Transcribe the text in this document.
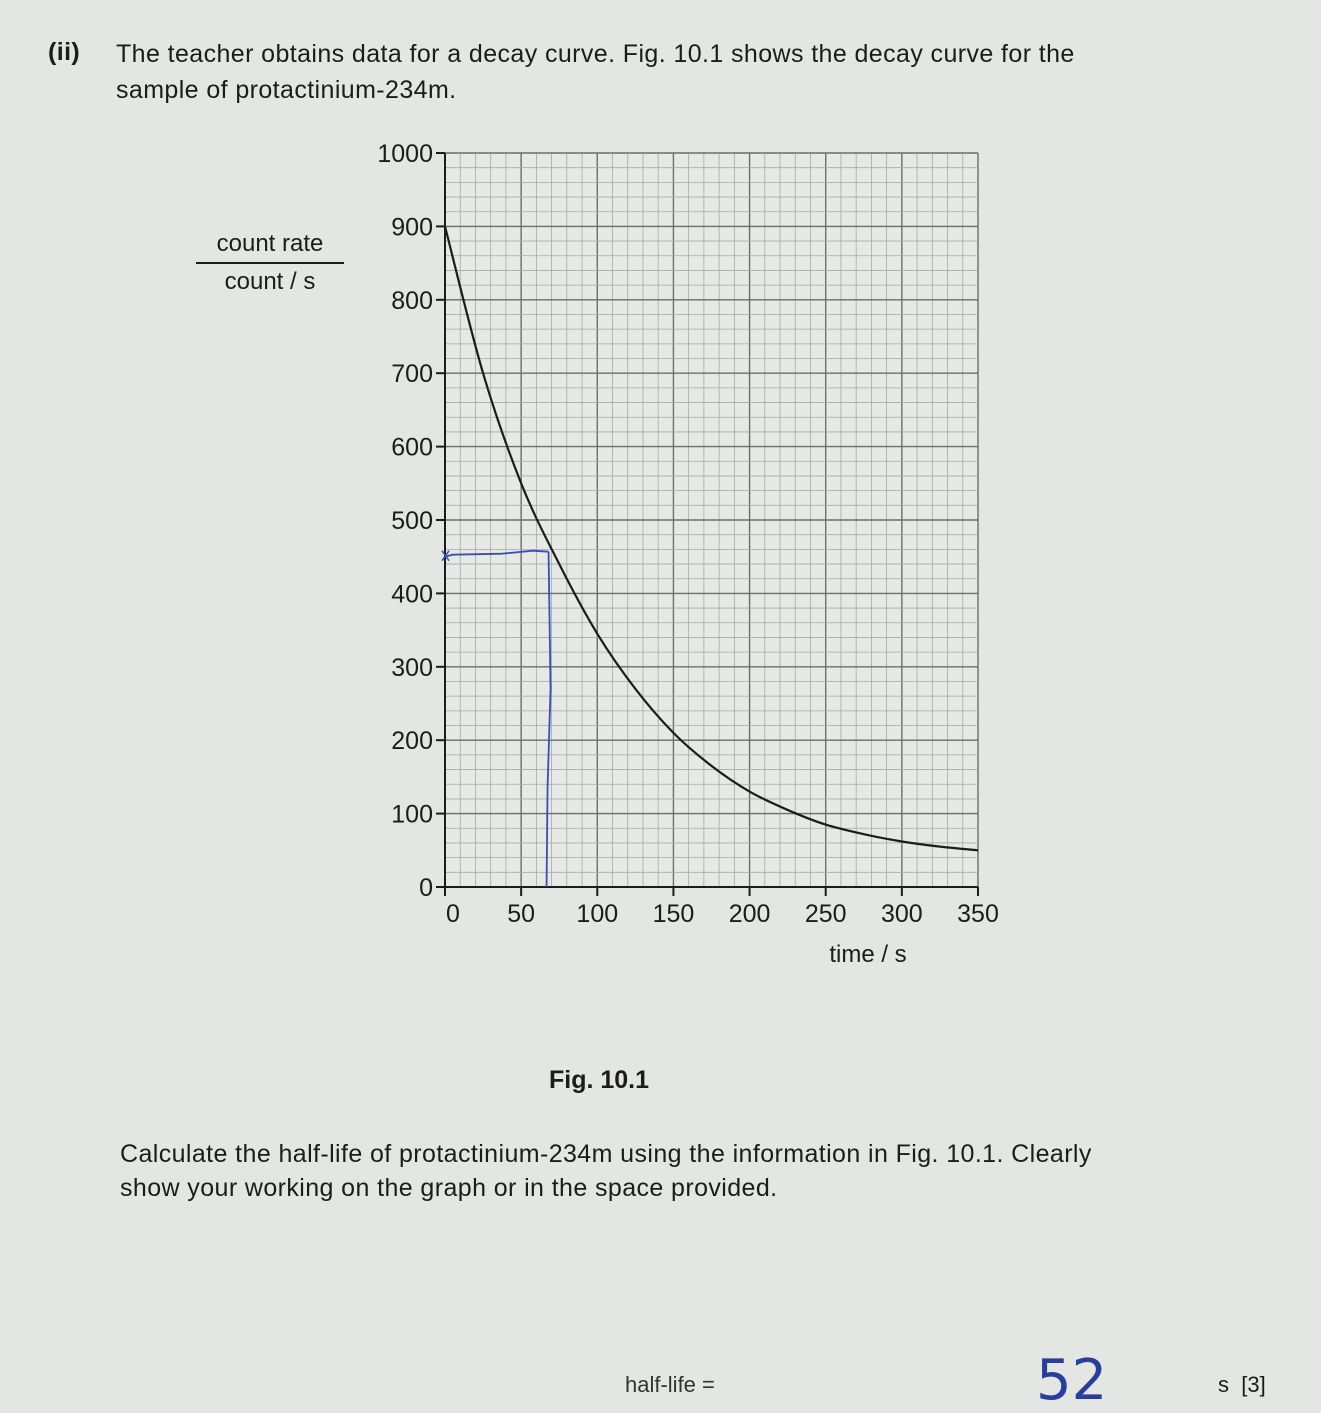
(ii) The teacher obtains data for a decay curve. Fig. 10.1 shows the decay curve for the
sample of protactinium-234m.
count rate
count / s
0
100
200
300
400
500
600
700
800
900
1000
0 50 100 150 200 250 300 350
time / s
Fig. 10.1
Calculate the half-life of protactinium-234m using the information in Fig. 10.1. Clearly
show your working on the graph or in the space provided.
half-life =	52	s [3]
